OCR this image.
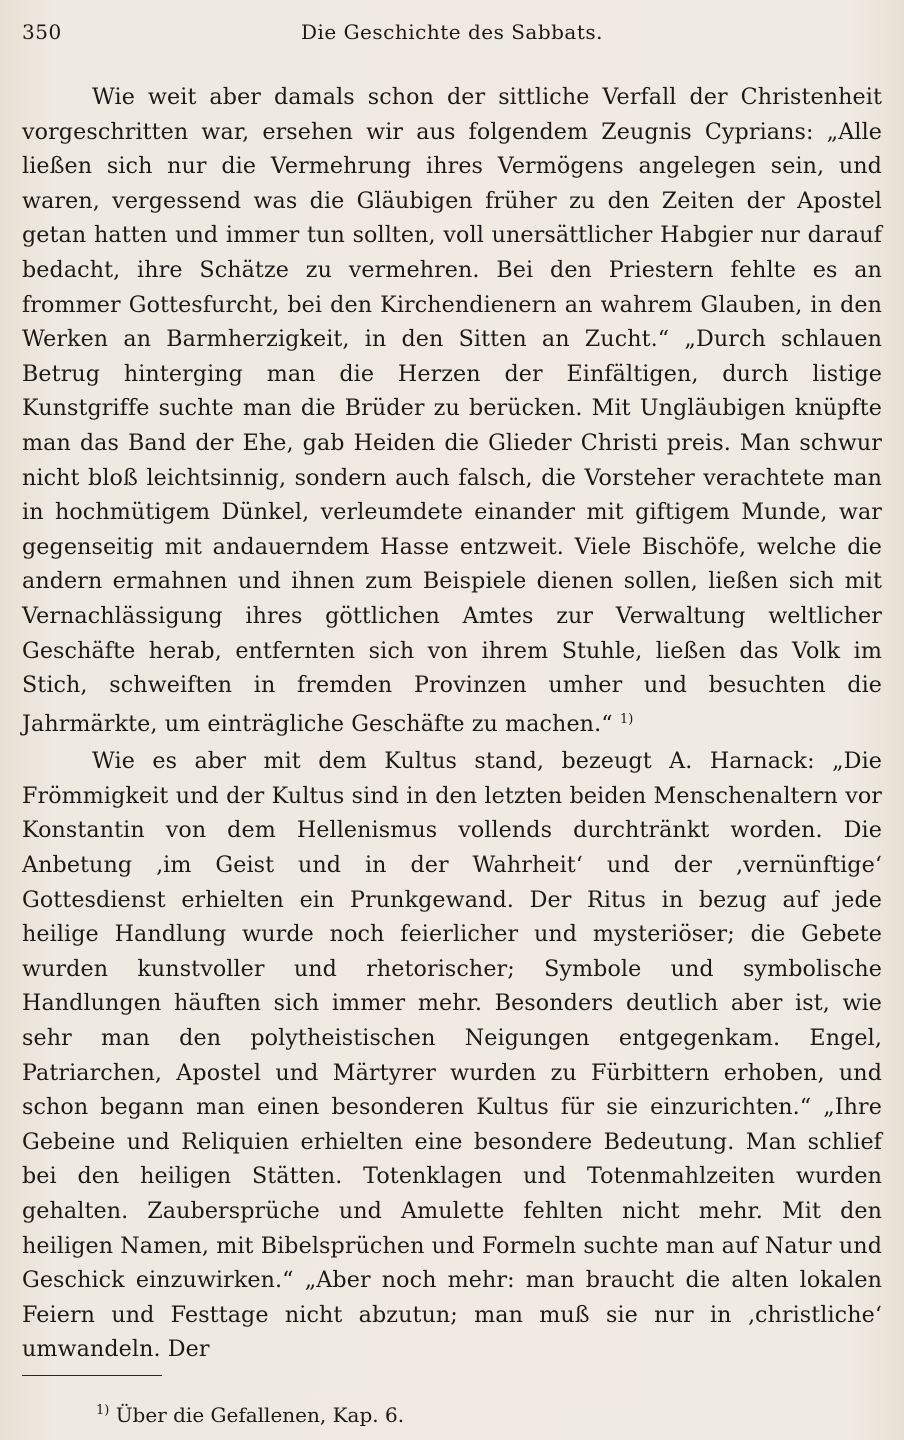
350	Die Geschichte des Sabbats.

Wie weit aber damals schon der sittliche Verfall der Christenheit vorgeschritten war, ersehen wir aus folgendem Zeugnis Cyprians: „Alle ließen sich nur die Vermehrung ihres Vermögens angelegen sein, und waren, vergessend was die Gläubigen früher zu den Zeiten der Apostel getan hatten und immer tun sollten, voll unersättlicher Habgier nur darauf bedacht, ihre Schätze zu vermehren. Bei den Priestern fehlte es an frommer Gottesfurcht, bei den Kirchendienern an wahrem Glauben, in den Werken an Barmherzigkeit, in den Sitten an Zucht.“ „Durch schlauen Betrug hinterging man die Herzen der Einfältigen, durch listige Kunstgriffe suchte man die Brüder zu berücken. Mit Ungläubigen knüpfte man das Band der Ehe, gab Heiden die Glieder Christi preis. Man schwur nicht bloß leichtsinnig, sondern auch falsch, die Vorsteher verachtete man in hochmütigem Dünkel, verleumdete einander mit giftigem Munde, war gegenseitig mit andauerndem Hasse entzweit. Viele Bischöfe, welche die andern ermahnen und ihnen zum Beispiele dienen sollen, ließen sich mit Vernachlässigung ihres göttlichen Amtes zur Verwaltung weltlicher Geschäfte herab, entfernten sich von ihrem Stuhle, ließen das Volk im Stich, schweiften in fremden Provinzen umher und besuchten die Jahrmärkte, um einträgliche Geschäfte zu machen.“ $^{1)}$

Wie es aber mit dem Kultus stand, bezeugt A. Harnack: „Die Frömmigkeit und der Kultus sind in den letzten beiden Menschenaltern vor Konstantin von dem Hellenismus vollends durchtränkt worden. Die Anbetung ‚im Geist und in der Wahrheit‘ und der ‚vernünftige‘ Gottesdienst erhielten ein Prunkgewand. Der Ritus in bezug auf jede heilige Handlung wurde noch feierlicher und mysteriöser; die Gebete wurden kunstvoller und rhetorischer; Symbole und symbolische Handlungen häuften sich immer mehr. Besonders deutlich aber ist, wie sehr man den polytheistischen Neigungen entgegenkam. Engel, Patriarchen, Apostel und Märtyrer wurden zu Fürbittern erhoben, und schon begann man einen besonderen Kultus für sie einzurichten.“ „Ihre Gebeine und Reliquien erhielten eine besondere Bedeutung. Man schlief bei den heiligen Stätten. Totenklagen und Totenmahlzeiten wurden gehalten. Zaubersprüche und Amulette fehlten nicht mehr. Mit den heiligen Namen, mit Bibelsprüchen und Formeln suchte man auf Natur und Geschick einzuwirken.“ „Aber noch mehr: man braucht die alten lokalen Feiern und Festtage nicht abzutun; man muß sie nur in ‚christliche‘ umwandeln. Der

$^{1)}$ Über die Gefallenen, Kap. 6.
